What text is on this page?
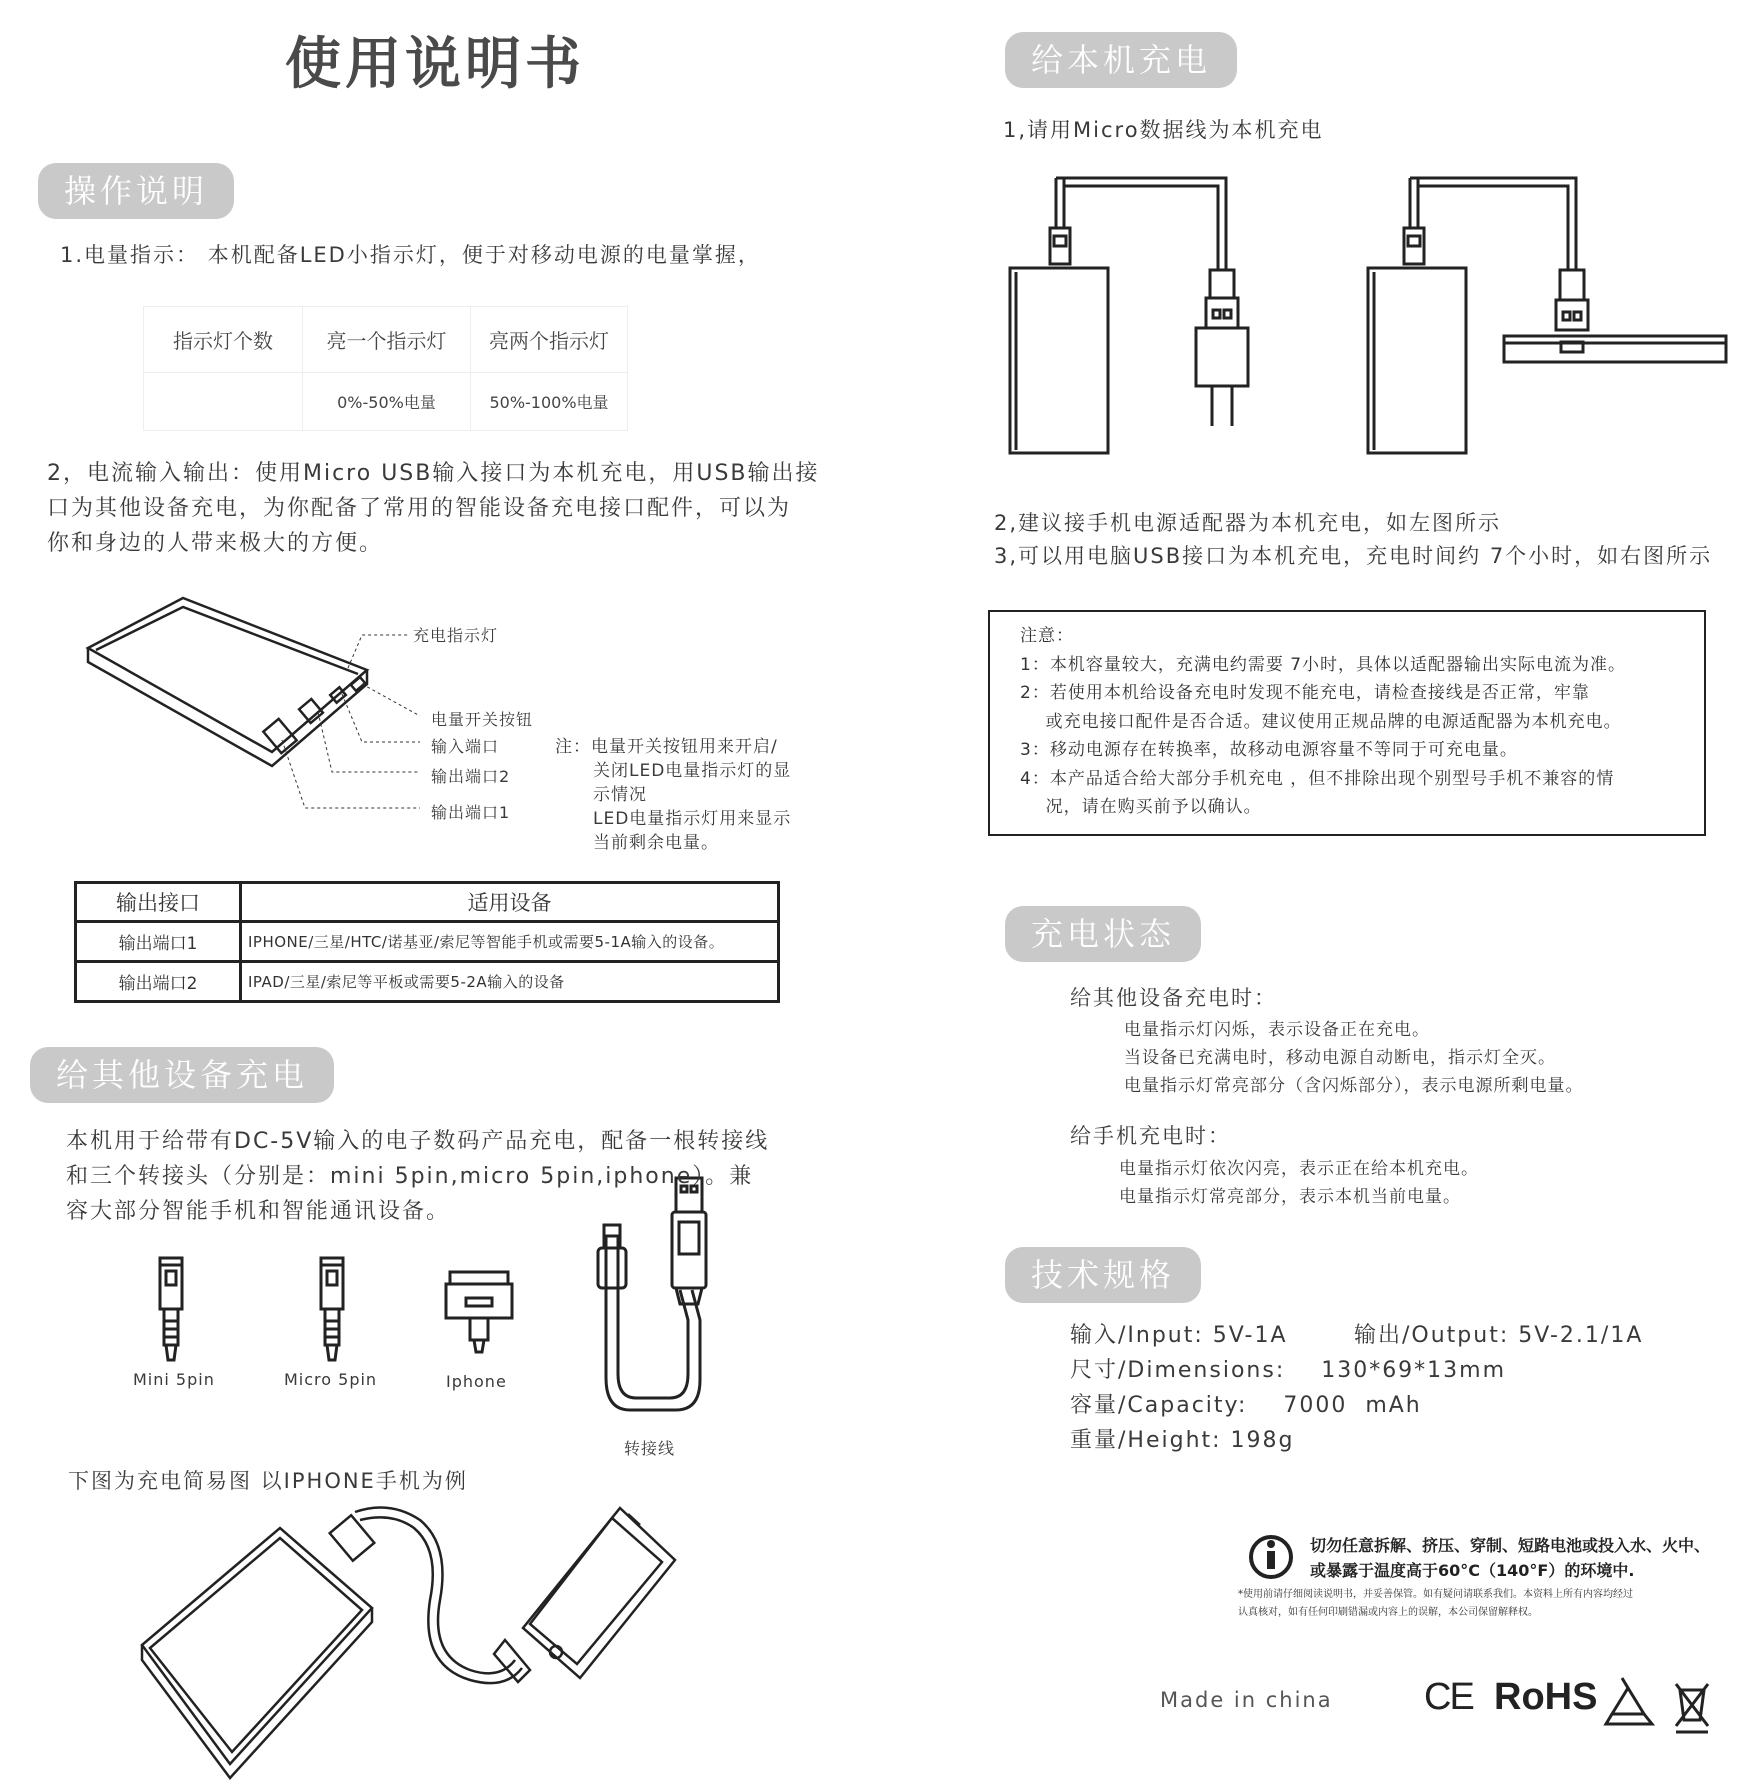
使用说明书
操作说明
1.电量指示： 本机配备LED小指示灯，便于对移动电源的电量掌握，
指示灯个数	亮一个指示灯	亮两个指示灯
	0%-50%电量	50%-100%电量
2，电流输入输出：使用Micro USB输入接口为本机充电，用USB输出接
口为其他设备充电，为你配备了常用的智能设备充电接口配件，可以为
你和身边的人带来极大的方便。
充电指示灯
电量开关按钮
输入端口
输出端口2
输出端口1
注：电量开关按钮用来开启/
关闭LED电量指示灯的显
示情况
LED电量指示灯用来显示
当前剩余电量。
输出接口	适用设备
输出端口1	IPHONE/三星/HTC/诺基亚/索尼等智能手机或需要5-1A输入的设备。
输出端口2	IPAD/三星/索尼等平板或需要5-2A输入的设备
给其他设备充电
本机用于给带有DC-5V输入的电子数码产品充电，配备一根转接线
和三个转接头（分别是：mini 5pin,micro 5pin,iphone）。兼
容大部分智能手机和智能通讯设备。
Mini 5pin	Micro 5pin	Iphone
转接线
下图为充电简易图 以IPHONE手机为例
给本机充电
1,请用Micro数据线为本机充电
2,建议接手机电源适配器为本机充电，如左图所示
3,可以用电脑USB接口为本机充电，充电时间约 7个小时，如右图所示
注意：
1：本机容量较大，充满电约需要 7小时，具体以适配器输出实际电流为准。
2：若使用本机给设备充电时发现不能充电，请检查接线是否正常，牢靠
或充电接口配件是否合适。建议使用正规品牌的电源适配器为本机充电。
3：移动电源存在转换率，故移动电源容量不等同于可充电量。
4：本产品适合给大部分手机充电 ，但不排除出现个别型号手机不兼容的情
况，请在购买前予以确认。
充电状态
给其他设备充电时：
电量指示灯闪烁，表示设备正在充电。
当设备已充满电时，移动电源自动断电，指示灯全灭。
电量指示灯常亮部分（含闪烁部分），表示电源所剩电量。
给手机充电时：
电量指示灯依次闪亮，表示正在给本机充电。
电量指示灯常亮部分，表示本机当前电量。
技术规格
输入/Input: 5V-1A	输出/Output: 5V-2.1/1A
尺寸/Dimensions:    130*69*13mm
容量/Capacity:    7000  mAh
重量/Height: 198g
切勿任意拆解、挤压、穿制、短路电池或投入水、火中、
或暴露于温度高于60°C（140°F）的环境中.
*使用前请仔细阅读说明书，并妥善保管。如有疑问请联系我们。本资料上所有内容均经过
认真核对，如有任何印刷错漏或内容上的误解，本公司保留解释权。
Made in china CE RoHS
